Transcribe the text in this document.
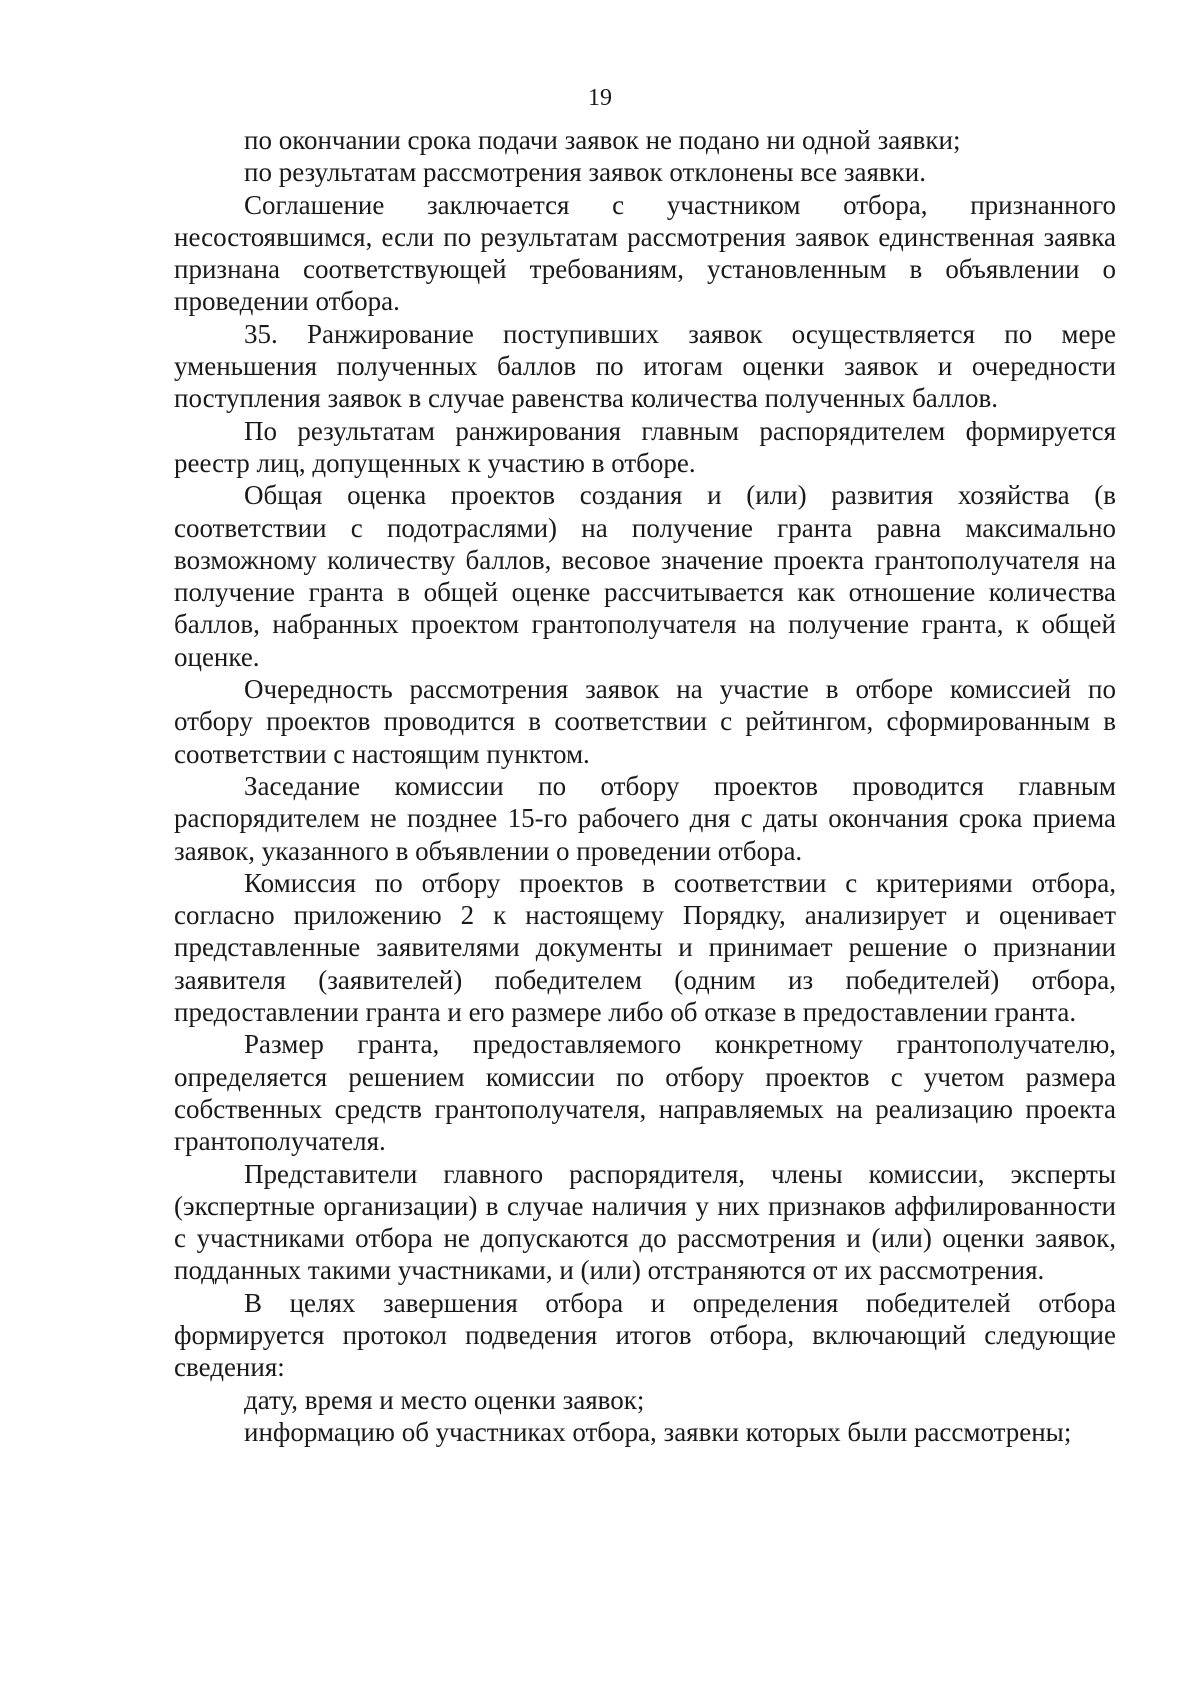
19

по окончании срока подачи заявок не подано ни одной заявки;

по результатам рассмотрения заявок отклонены все заявки.

Соглашение заключается с участником отбора, признанного несостоявшимся, если по результатам рассмотрения заявок единственная заявка признана соответствующей требованиям, установленным в объявлении о проведении отбора.

35. Ранжирование поступивших заявок осуществляется по мере уменьшения полученных баллов по итогам оценки заявок и очередности поступления заявок в случае равенства количества полученных баллов.

По результатам ранжирования главным распорядителем формируется реестр лиц, допущенных к участию в отборе.

Общая оценка проектов создания и (или) развития хозяйства (в соответствии с подотраслями) на получение гранта равна максимально возможному количеству баллов, весовое значение проекта грантополучателя на получение гранта в общей оценке рассчитывается как отношение количества баллов, набранных проектом грантополучателя на получение гранта, к общей оценке.

Очередность рассмотрения заявок на участие в отборе комиссией по отбору проектов проводится в соответствии с рейтингом, сформированным в соответствии с настоящим пунктом.

Заседание комиссии по отбору проектов проводится главным распорядителем не позднее 15-го рабочего дня с даты окончания срока приема заявок, указанного в объявлении о проведении отбора.

Комиссия по отбору проектов в соответствии с критериями отбора, согласно приложению 2 к настоящему Порядку, анализирует и оценивает представленные заявителями документы и принимает решение о признании заявителя (заявителей) победителем (одним из победителей) отбора, предоставлении гранта и его размере либо об отказе в предоставлении гранта.

Размер гранта, предоставляемого конкретному грантополучателю, определяется решением комиссии по отбору проектов с учетом размера собственных средств грантополучателя, направляемых на реализацию проекта грантополучателя.

Представители главного распорядителя, члены комиссии, эксперты (экспертные организации) в случае наличия у них признаков аффилированности с участниками отбора не допускаются до рассмотрения и (или) оценки заявок, подданных такими участниками, и (или) отстраняются от их рассмотрения.

В целях завершения отбора и определения победителей отбора формируется протокол подведения итогов отбора, включающий следующие сведения:

дату, время и место оценки заявок;

информацию об участниках отбора, заявки которых были рассмотрены;
